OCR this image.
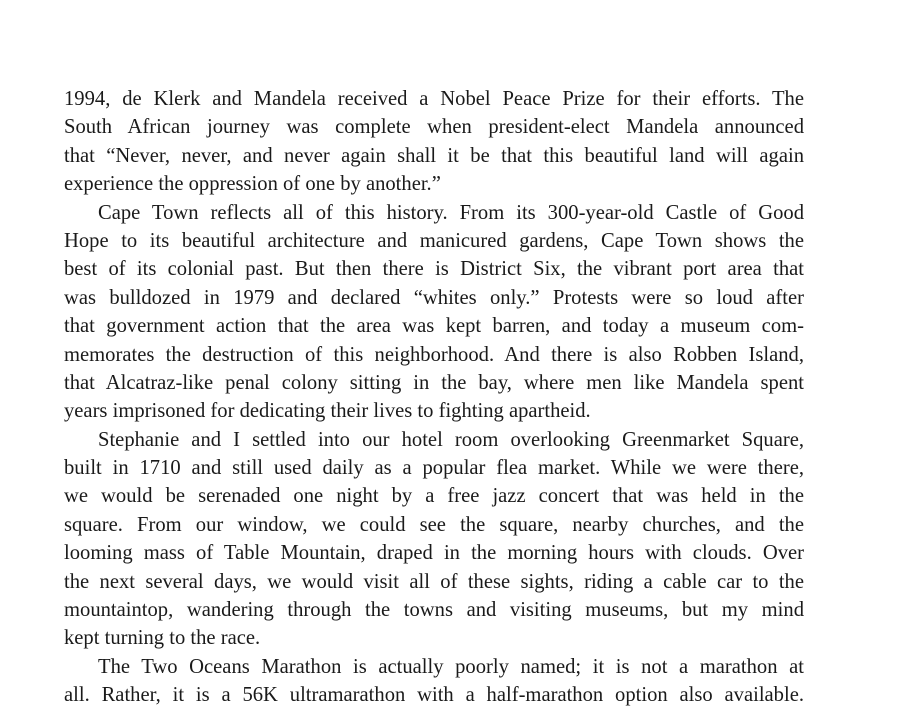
1994, de Klerk and Mandela received a Nobel Peace Prize for their efforts. The
South African journey was complete when president-elect Mandela announced
that “Never, never, and never again shall it be that this beautiful land will again
experience the oppression of one by another.”
Cape Town reflects all of this history. From its 300-year-old Castle of Good
Hope to its beautiful architecture and manicured gardens, Cape Town shows the
best of its colonial past. But then there is District Six, the vibrant port area that
was bulldozed in 1979 and declared “whites only.” Protests were so loud after
that government action that the area was kept barren, and today a museum com-
memorates the destruction of this neighborhood. And there is also Robben Island,
that Alcatraz-like penal colony sitting in the bay, where men like Mandela spent
years imprisoned for dedicating their lives to fighting apartheid.
Stephanie and I settled into our hotel room overlooking Greenmarket Square,
built in 1710 and still used daily as a popular flea market. While we were there,
we would be serenaded one night by a free jazz concert that was held in the
square. From our window, we could see the square, nearby churches, and the
looming mass of Table Mountain, draped in the morning hours with clouds. Over
the next several days, we would visit all of these sights, riding a cable car to the
mountaintop, wandering through the towns and visiting museums, but my mind
kept turning to the race.
The Two Oceans Marathon is actually poorly named; it is not a marathon at
all. Rather, it is a 56K ultramarathon with a half-marathon option also available.
